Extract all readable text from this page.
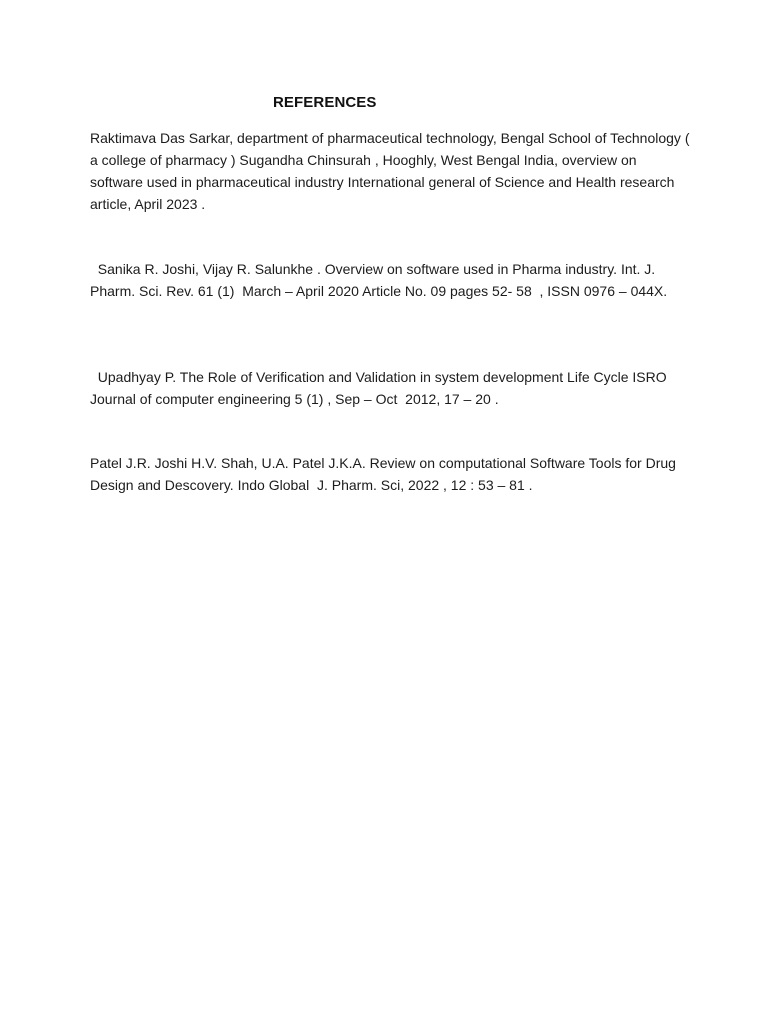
REFERENCES

Raktimava Das Sarkar, department of pharmaceutical technology, Bengal School of Technology ( a college of pharmacy ) Sugandha Chinsurah , Hooghly, West Bengal India, overview on software used in pharmaceutical industry International general of Science and Health research article, April 2023 .

Sanika R. Joshi, Vijay R. Salunkhe . Overview on software used in Pharma industry. Int. J. Pharm. Sci. Rev. 61 (1)  March – April 2020 Article No. 09 pages 52- 58  , ISSN 0976 – 044X.

Upadhyay P. The Role of Verification and Validation in system development Life Cycle ISRO Journal of computer engineering 5 (1) , Sep – Oct  2012, 17 – 20 .

Patel J.R. Joshi H.V. Shah, U.A. Patel J.K.A. Review on computational Software Tools for Drug Design and Descovery. Indo Global  J. Pharm. Sci, 2022 , 12 : 53 – 81 .
